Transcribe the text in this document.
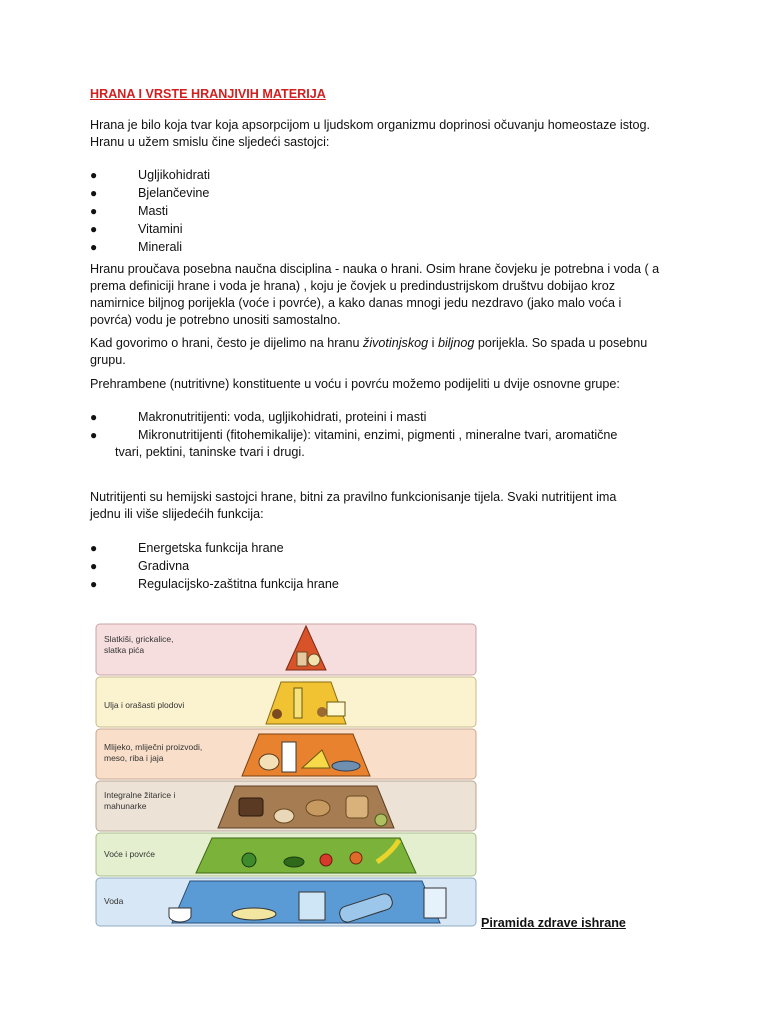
HRANA I VRSTE HRANJIVIH MATERIJA
Hrana je bilo koja tvar koja apsorpcijom u ljudskom organizmu doprinosi očuvanju homeostaze istog.
Hranu u užem smislu čine sljedeći sastojci:
●	Ugljikohidrati
●	Bjelančevine
●	Masti
●	Vitamini
●	Minerali
Hranu proučava posebna naučna disciplina - nauka o hrani. Osim hrane čovjeku je potrebna i voda ( a
prema definiciji hrane i voda je hrana) , koju je čovjek u predindustrijskom društvu dobijao kroz
namirnice biljnog porijekla (voće i povrće), a kako danas mnogi jedu nezdravo (jako malo voća i
povrća) vodu je potrebno unositi samostalno.
Kad govorimo o hrani, često je dijelimo na hranu životinjskog i biljnog porijekla. So spada u posebnu
grupu.
Prehrambene (nutritivne) konstituente u voću i povrću možemo podijeliti u dvije osnovne grupe:
●	Makronutritijenti: voda, ugljikohidrati, proteini i masti
●	Mikronutritijenti (fitohemikalije): vitamini, enzimi, pigmenti , mineralne tvari, aromatične
tvari, pektini, taninske tvari i drugi.
Nutritijenti su hemijski sastojci hrane, bitni za pravilno funkcionisanje tijela. Svaki nutritijent ima
jednu ili više slijedećih funkcija:
●	Energetska funkcija hrane
●	Gradivna
●	Regulacijsko-zaštitna funkcija hrane
Slatkiši, grickalice,
slatka pića
Ulja i orašasti plodovi
Mlijeko, mliječni proizvodi,
meso, riba i jaja
Integralne žitarice i
mahunarke
Voće i povrće
Voda
Piramida zdrave ishrane
